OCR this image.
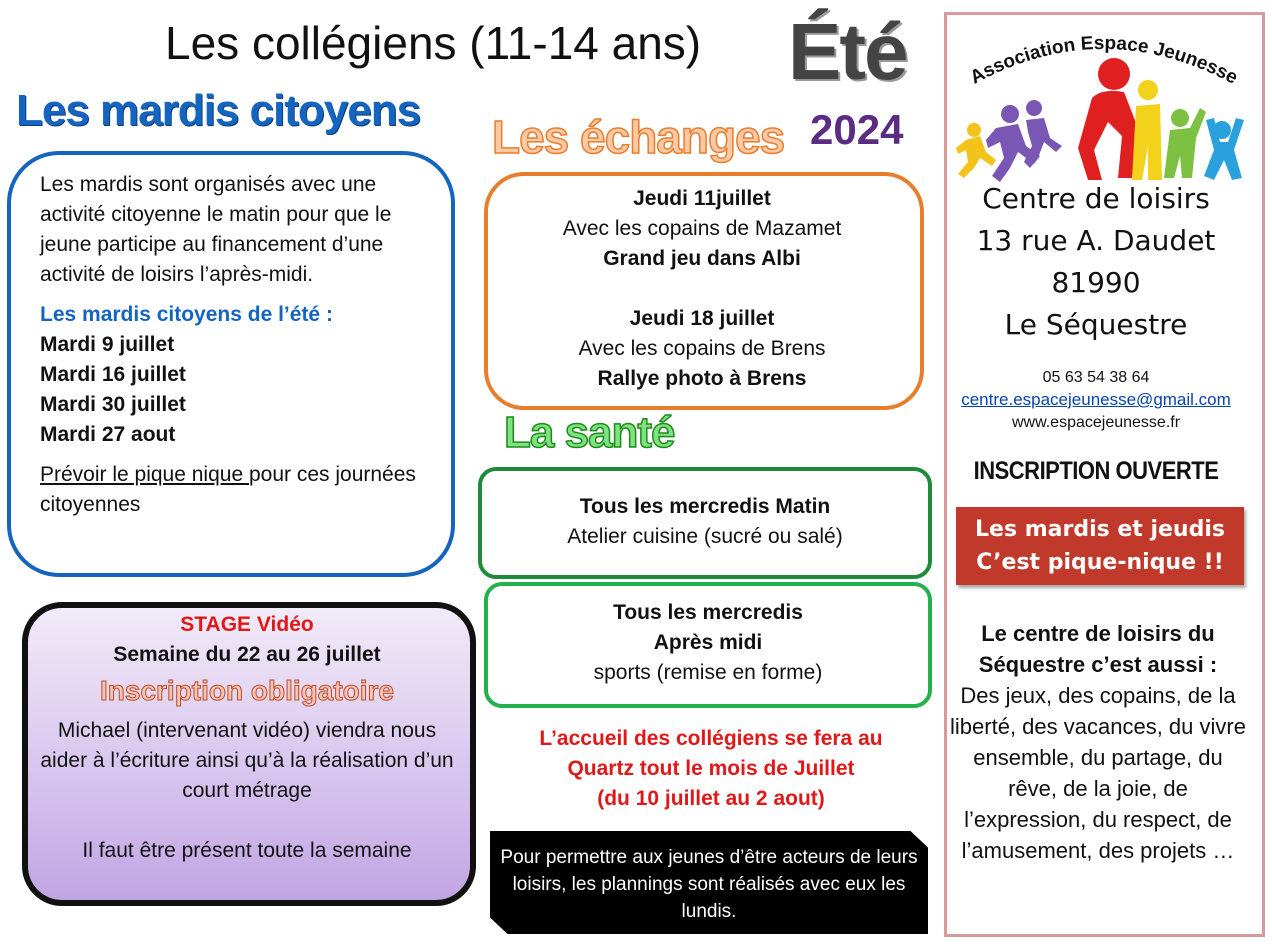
Les collégiens (11-14 ans)	Été
2024
Les mardis citoyens

Les mardis sont organisés avec une activité citoyenne le matin pour que le jeune participe au financement d’une activité de loisirs l’après-midi.

Les mardis citoyens de l’été :

Mardi 9 juillet

Mardi 16 juillet

Mardi 30 juillet

Mardi 27 aout

Prévoir le pique nique pour ces journées citoyennes

STAGE Vidéo

Semaine du 22 au 26 juillet

Inscription obligatoire

Michael (intervenant vidéo) viendra nous aider à l’écriture ainsi qu’à la réalisation d’un court métrage

Il faut être présent toute la semaine

Les échanges

Jeudi 11juillet

Avec les copains de Mazamet

Grand jeu dans Albi

Jeudi 18 juillet

Avec les copains de Brens

Rallye photo à Brens

La santé

Tous les mercredis Matin

Atelier cuisine (sucré ou salé)

Tous les mercredis

Après midi

sports (remise en forme)

L’accueil des collégiens se fera au

Quartz tout le mois de Juillet

(du 10 juillet au 2 aout)

Pour permettre aux jeunes d’être acteurs de leurs loisirs, les plannings sont réalisés avec eux les lundis.
Association Espace Jeunesse

Centre de loisirs

13 rue A. Daudet

81990

Le Séquestre

05 63 54 38 64

centre.espacejeunesse@gmail.com

www.espacejeunesse.fr

INSCRIPTION OUVERTE

Les mardis et jeudis

C’est pique-nique !!

Le centre de loisirs du Séquestre c’est aussi :

Des jeux, des copains, de la liberté, des vacances, du vivre ensemble, du partage, du rêve, de la joie, de l’expression, du respect, de l’amusement, des projets …
